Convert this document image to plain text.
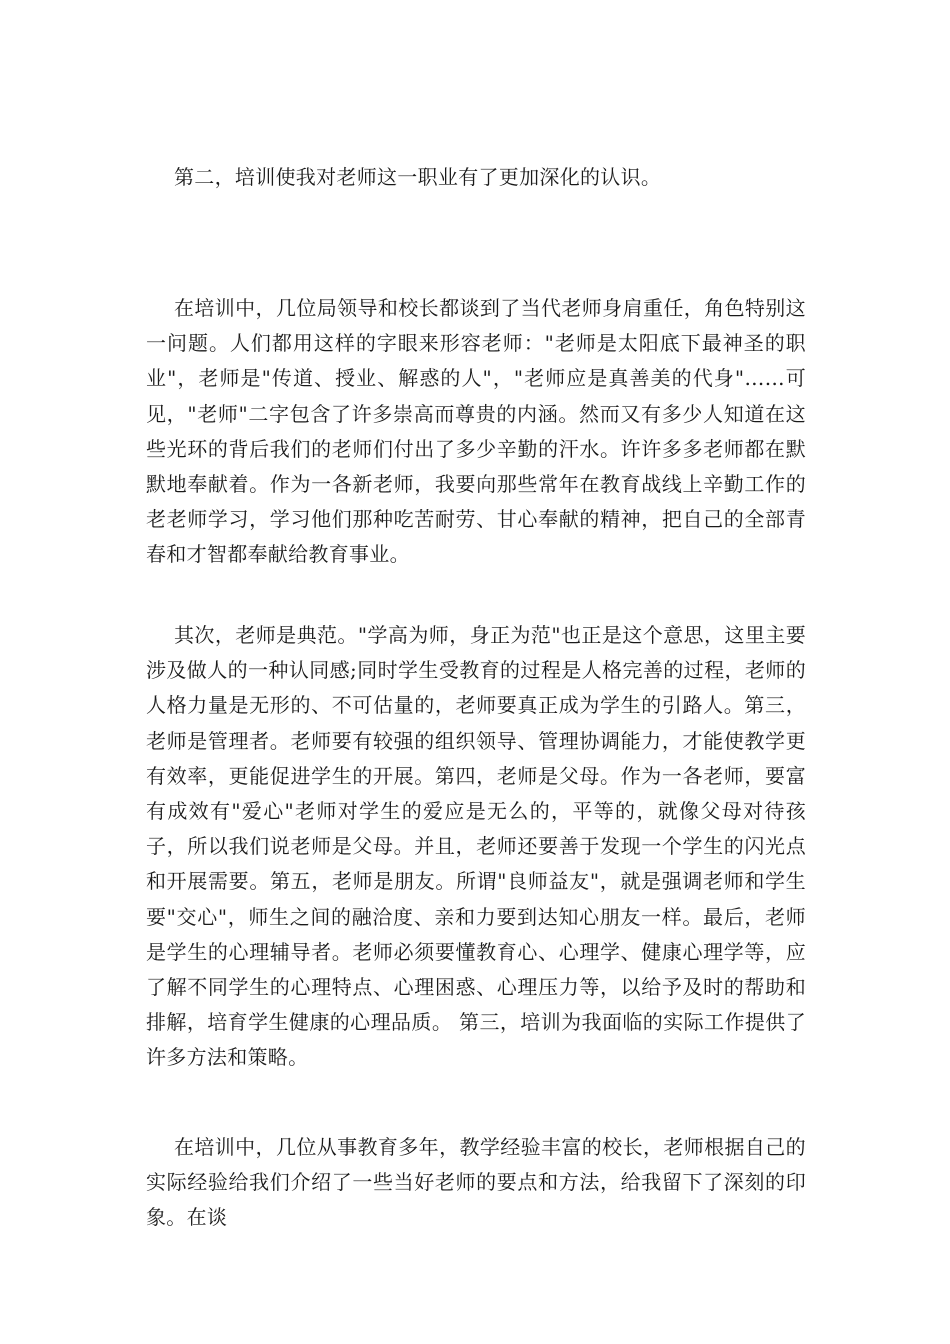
第二，培训使我对老师这一职业有了更加深化的认识。

在培训中，几位局领导和校长都谈到了当代老师身肩重任，角色特别这一问题。人们都用这样的字眼来形容老师："老师是太阳底下最神圣的职业"，老师是"传道、授业、解惑的人"，"老师应是真善美的代身"……可见，"老师"二字包含了许多崇高而尊贵的内涵。然而又有多少人知道在这些光环的背后我们的老师们付出了多少辛勤的汗水。许许多多老师都在默默地奉献着。作为一各新老师，我要向那些常年在教育战线上辛勤工作的老老师学习，学习他们那种吃苦耐劳、甘心奉献的精神，把自己的全部青春和才智都奉献给教育事业。

其次，老师是典范。"学高为师，身正为范"也正是这个意思，这里主要涉及做人的一种认同感;同时学生受教育的过程是人格完善的过程，老师的人格力量是无形的、不可估量的，老师要真正成为学生的引路人。第三，老师是管理者。老师要有较强的组织领导、管理协调能力，才能使教学更有效率，更能促进学生的开展。第四，老师是父母。作为一各老师，要富有成效有"爱心"老师对学生的爱应是无么的，平等的，就像父母对待孩子，所以我们说老师是父母。并且，老师还要善于发现一个学生的闪光点和开展需要。第五，老师是朋友。所谓"良师益友"，就是强调老师和学生要"交心"，师生之间的融洽度、亲和力要到达知心朋友一样。最后，老师是学生的心理辅导者。老师必须要懂教育心、心理学、健康心理学等，应了解不同学生的心理特点、心理困惑、心理压力等，以给予及时的帮助和排解，培育学生健康的心理品质。 第三，培训为我面临的实际工作提供了许多方法和策略。

在培训中，几位从事教育多年，教学经验丰富的校长，老师根据自己的实际经验给我们介绍了一些当好老师的要点和方法，给我留下了深刻的印象。在谈
